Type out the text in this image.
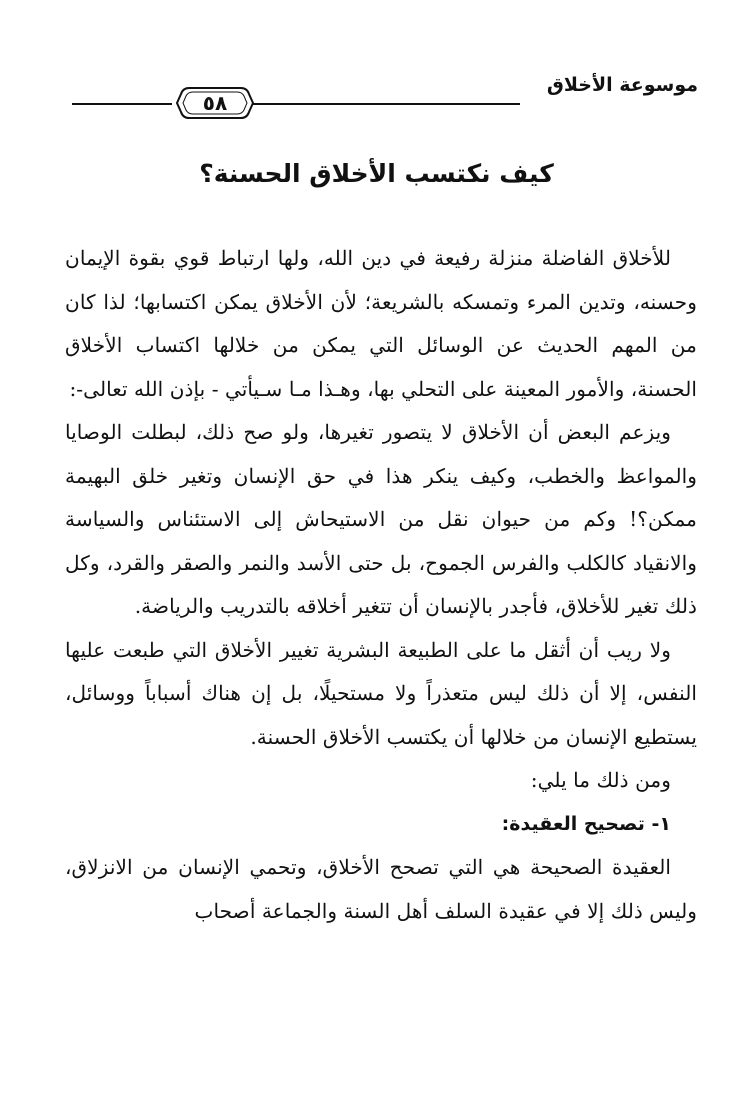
موسوعة الأخلاق
٥٨
كيف نكتسب الأخلاق الحسنة؟

للأخلاق الفاضلة منزلة رفيعة في دين الله، ولها ارتباط قوي بقوة الإيمان وحسنه، وتدين المرء وتمسكه بالشريعة؛ لأن الأخلاق يمكن اكتسابها؛ لذا كان من المهم الحديث عن الوسائل التي يمكن من خلالها اكتساب الأخلاق الحسنة، والأمور المعينة على التحلي بها، وهـذا مـا سـيأتي - بإذن الله تعالى-:

ويزعم البعض أن الأخلاق لا يتصور تغيرها، ولو صح ذلك، لبطلت الوصايا والمواعظ والخطب، وكيف ينكر هذا في حق الإنسان وتغير خلق البهيمة ممكن؟! وكم من حيوان نقل من الاستيحاش إلى الاستئناس والسياسة والانقياد كالكلب والفرس الجموح، بل حتى الأسد والنمر والصقر والقرد، وكل ذلك تغير للأخلاق، فأجدر بالإنسان أن تتغير أخلاقه بالتدريب والرياضة.

ولا ريب أن أثقل ما على الطبيعة البشرية تغيير الأخلاق التي طبعت عليها النفس، إلا أن ذلك ليس متعذراً ولا مستحيلًا، بل إن هناك أسباباً ووسائل، يستطيع الإنسان من خلالها أن يكتسب الأخلاق الحسنة.

ومن ذلك ما يلي:

١- تصحيح العقيدة:

العقيدة الصحيحة هي التي تصحح الأخلاق، وتحمي الإنسان من الانزلاق، وليس ذلك إلا في عقيدة السلف أهل السنة والجماعة أصحاب
